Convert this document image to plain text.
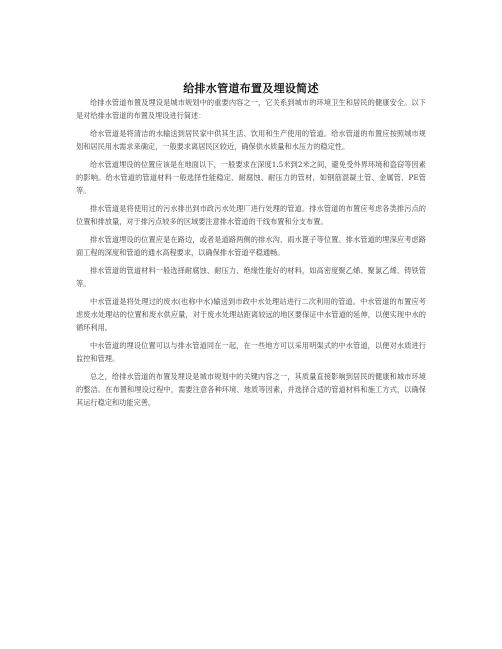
给排水管道布置及埋设简述

给排水管道布置及埋设是城市规划中的重要内容之一，它关系到城市的环境卫生和居民的健康安全。以下是对给排水管道的布置及埋设进行简述：

给水管道是将清洁的水输送到居民家中供其生活、饮用和生产使用的管道。给水管道的布置应按照城市规划和居民用水需求来确定，一般要求离居民区较近，确保供水质量和水压力的稳定性。

给水管道埋设的位置应该是在地面以下，一般要求在深度1.5米到2米之间，避免受外界环境和盗窃等因素的影响。给水管道的管道材料一般选择性能稳定、耐腐蚀、耐压力的管材，如钢筋混凝土管、金属管、PE管等。

排水管道是将使用过的污水排出到市政污水处理厂进行处理的管道。排水管道的布置应考虑各类排污点的位置和排放量，对于排污点较多的区域要注意排水管道的干线布置和分支布置。

排水管道埋设的位置应是在路边，或者是道路两侧的排水沟、雨水篦子等位置。排水管道的埋深应考虑路面工程的深度和管道的通水高程要求，以确保排水管道平稳通畅。

排水管道的管道材料一般选择耐腐蚀、耐压力、绝缘性能好的材料，如高密度聚乙烯、聚氯乙烯、铸铁管等。

中水管道是将处理过的废水(也称中水)输送到市政中水处理站进行二次利用的管道。中水管道的布置应考虑废水处理站的位置和废水供应量，对于废水处理站距离较远的地区要保证中水管道的延伸，以便实现中水的循环利用。

中水管道的埋设位置可以与排水管道同在一起，在一些地方可以采用明渠式的中水管道，以便对水质进行监控和管理。

总之，给排水管道的布置及埋设是城市规划中的关键内容之一，其质量直接影响到居民的健康和城市环境的整洁。在布置和埋设过程中，需要注意各种环境、地质等因素，并选择合适的管道材料和施工方式，以确保其运行稳定和功能完善。
